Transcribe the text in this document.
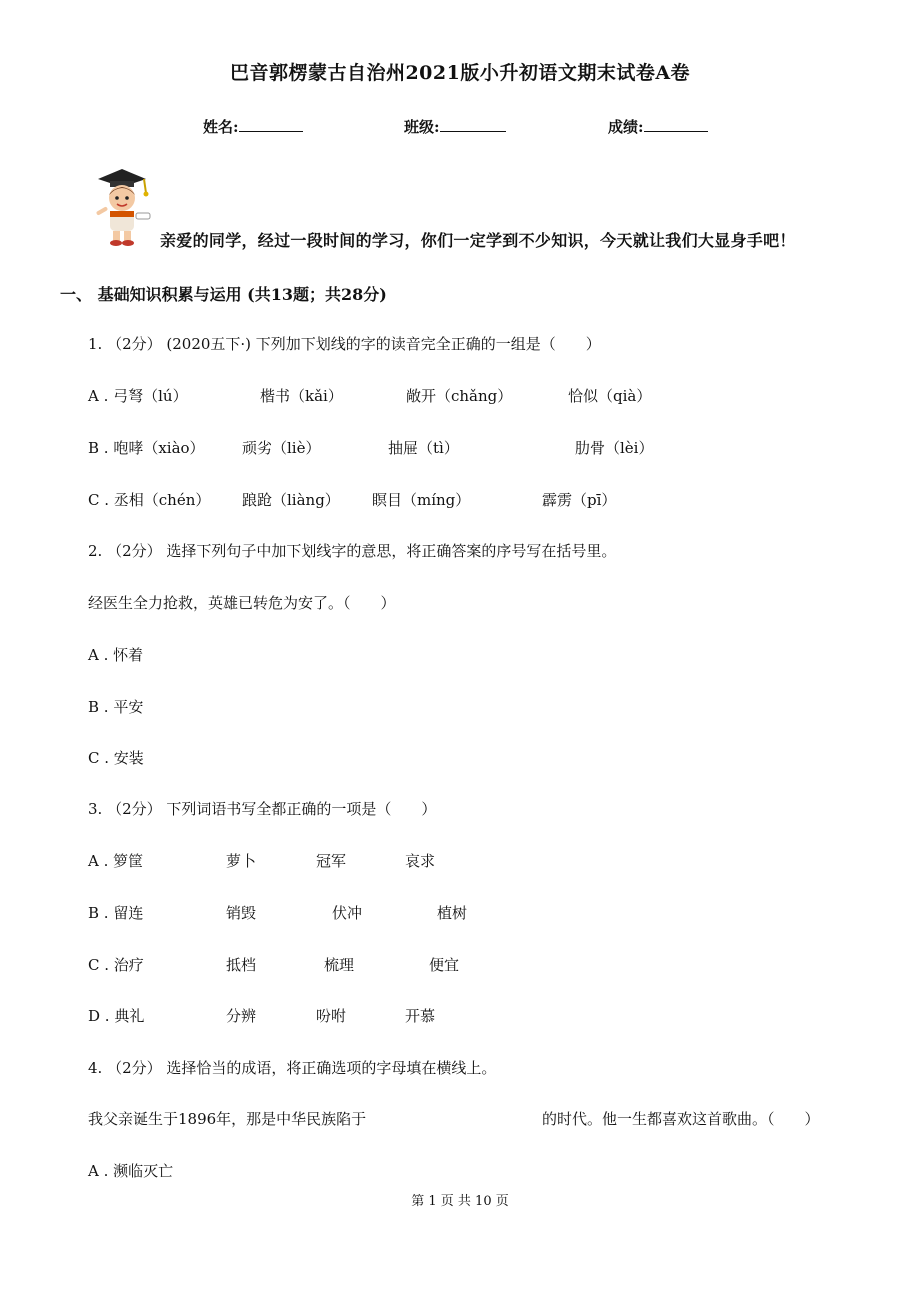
巴音郭楞蒙古自治州2021版小升初语文期末试卷A卷
姓名:	班级:	成绩:
亲爱的同学，经过一段时间的学习，你们一定学到不少知识，今天就让我们大显身手吧！
一、 基础知识积累与运用 (共13题；共28分)
1. （2分） (2020五下·) 下列加下划线的字的读音完全正确的一组是（　　）
A . 弓弩（lú）	楷书（kǎi）	敞开（chǎng）	恰似（qià）
B . 咆哮（xiào） 顽劣（liè）	抽屉（tì）	肋骨（lèi）
C . 丞相（chén） 踉跄（liàng） 瞑目（míng）	霹雳（pī）
2. （2分） 选择下列句子中加下划线字的意思，将正确答案的序号写在括号里。
经医生全力抢救，英雄已转危为安了。（　　）
A . 怀着
B . 平安
C . 安装
3. （2分） 下列词语书写全都正确的一项是（　　）
A . 箩筐	萝卜	冠军	哀求
B . 留连	销毁	伏冲	植树
C . 治疗	抵档	梳理	便宜
D . 典礼	分辨	吩咐	开慕
4. （2分） 选择恰当的成语，将正确选项的字母填在横线上。
我父亲诞生于1896年，那是中华民族陷于	的时代。他一生都喜欢这首歌曲。（　　）
A . 濒临灭亡
第 1 页 共 10 页
